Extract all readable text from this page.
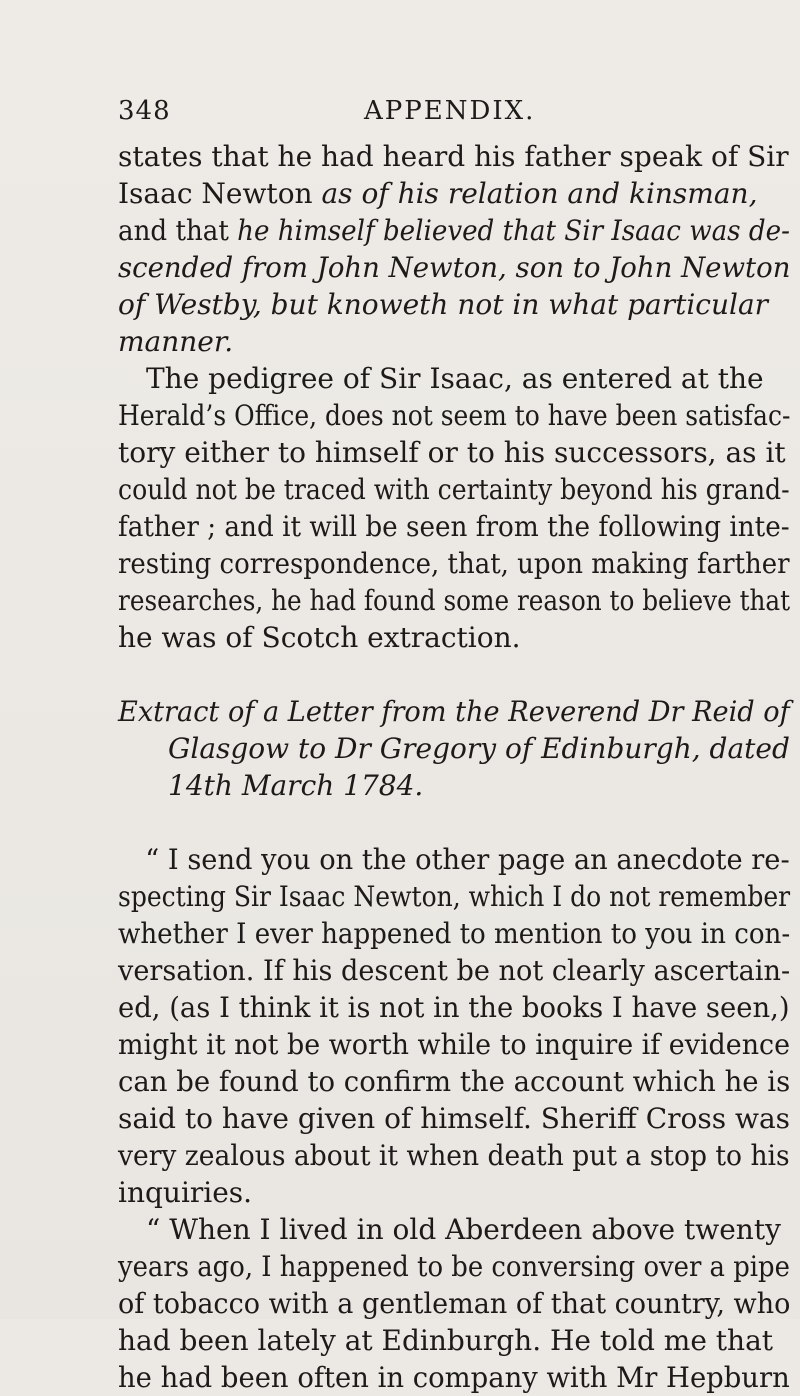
348	APPENDIX.
states that he had heard his father speak of Sir
Isaac Newton as of his relation and kinsman,
and that he himself believed that Sir Isaac was de-
scended from John Newton, son to John Newton
of Westby, but knoweth not in what particular
manner.
The pedigree of Sir Isaac, as entered at the
Herald’s Office, does not seem to have been satisfac-
tory either to himself or to his successors, as it
could not be traced with certainty beyond his grand-
father ; and it will be seen from the following inte-
resting correspondence, that, upon making farther
researches, he had found some reason to believe that
he was of Scotch extraction.
Extract of a Letter from the Reverend Dr Reid of
Glasgow to Dr Gregory of Edinburgh, dated
14th March 1784.
“ I send you on the other page an anecdote re-
specting Sir Isaac Newton, which I do not remember
whether I ever happened to mention to you in con-
versation. If his descent be not clearly ascertain-
ed, (as I think it is not in the books I have seen,)
might it not be worth while to inquire if evidence
can be found to confirm the account which he is
said to have given of himself. Sheriff Cross was
very zealous about it when death put a stop to his
inquiries.
“ When I lived in old Aberdeen above twenty
years ago, I happened to be conversing over a pipe
of tobacco with a gentleman of that country, who
had been lately at Edinburgh. He told me that
he had been often in company with Mr Hepburn
